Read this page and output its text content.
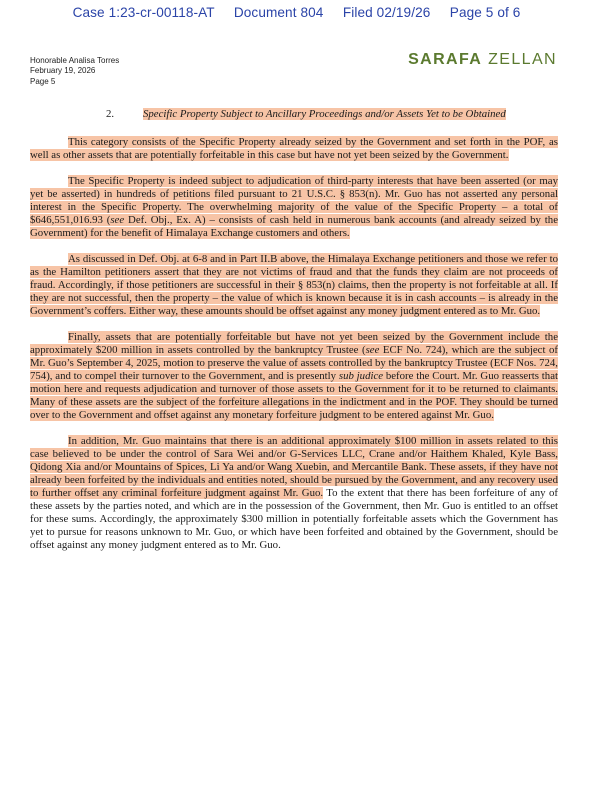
Case 1:23-cr-00118-AT     Document 804     Filed 02/19/26     Page 5 of 6
Honorable Analisa Torres
February 19, 2026
Page 5
SARAFA ZELLAN
2.	Specific Property Subject to Ancillary Proceedings and/or Assets Yet to be Obtained

This category consists of the Specific Property already seized by the Government and set forth in the POF, as well as other assets that are potentially forfeitable in this case but have not yet been seized by the Government.

The Specific Property is indeed subject to adjudication of third-party interests that have been asserted (or may yet be asserted) in hundreds of petitions filed pursuant to 21 U.S.C. § 853(n). Mr. Guo has not asserted any personal interest in the Specific Property. The overwhelming majority of the value of the Specific Property – a total of $646,551,016.93 (see Def. Obj., Ex. A) – consists of cash held in numerous bank accounts (and already seized by the Government) for the benefit of Himalaya Exchange customers and others.

As discussed in Def. Obj. at 6-8 and in Part II.B above, the Himalaya Exchange petitioners and those we refer to as the Hamilton petitioners assert that they are not victims of fraud and that the funds they claim are not proceeds of fraud. Accordingly, if those petitioners are successful in their § 853(n) claims, then the property is not forfeitable at all. If they are not successful, then the property – the value of which is known because it is in cash accounts – is already in the Government’s coffers. Either way, these amounts should be offset against any money judgment entered as to Mr. Guo.

Finally, assets that are potentially forfeitable but have not yet been seized by the Government include the approximately $200 million in assets controlled by the bankruptcy Trustee (see ECF No. 724), which are the subject of Mr. Guo’s September 4, 2025, motion to preserve the value of assets controlled by the bankruptcy Trustee (ECF Nos. 724, 754), and to compel their turnover to the Government, and is presently sub judice before the Court. Mr. Guo reasserts that motion here and requests adjudication and turnover of those assets to the Government for it to be returned to claimants. Many of these assets are the subject of the forfeiture allegations in the indictment and in the POF. They should be turned over to the Government and offset against any monetary forfeiture judgment to be entered against Mr. Guo.

In addition, Mr. Guo maintains that there is an additional approximately $100 million in assets related to this case believed to be under the control of Sara Wei and/or G-Services LLC, Crane and/or Haithem Khaled, Kyle Bass, Qidong Xia and/or Mountains of Spices, Li Ya and/or Wang Xuebin, and Mercantile Bank. These assets, if they have not already been forfeited by the individuals and entities noted, should be pursued by the Government, and any recovery used to further offset any criminal forfeiture judgment against Mr. Guo. To the extent that there has been forfeiture of any of these assets by the parties noted, and which are in the possession of the Government, then Mr. Guo is entitled to an offset for these sums. Accordingly, the approximately $300 million in potentially forfeitable assets which the Government has yet to pursue for reasons unknown to Mr. Guo, or which have been forfeited and obtained by the Government, should be offset against any money judgment entered as to Mr. Guo.
